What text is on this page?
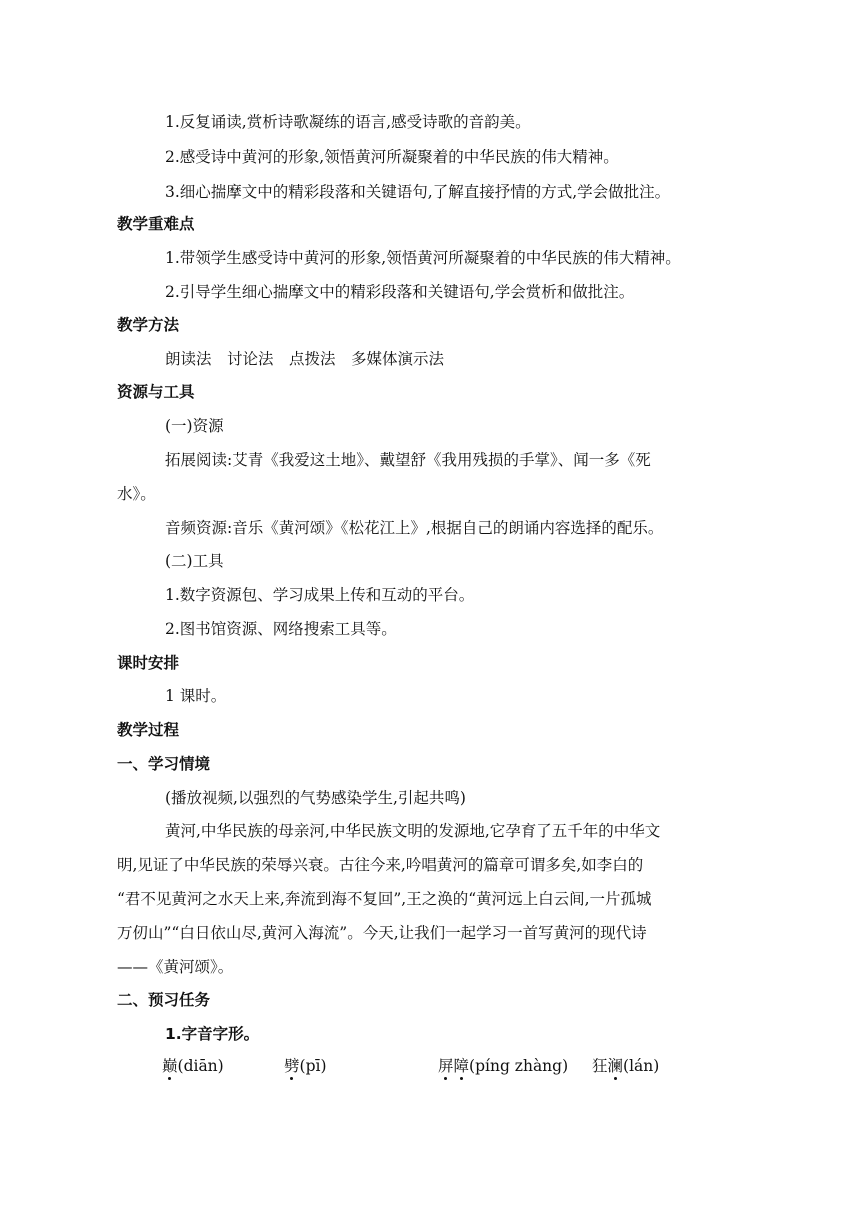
1.反复诵读,赏析诗歌凝练的语言,感受诗歌的音韵美。
2.感受诗中黄河的形象,领悟黄河所凝聚着的中华民族的伟大精神。
3.细心揣摩文中的精彩段落和关键语句,了解直接抒情的方式,学会做批注。
教学重难点
1.带领学生感受诗中黄河的形象,领悟黄河所凝聚着的中华民族的伟大精神。
2.引导学生细心揣摩文中的精彩段落和关键语句,学会赏析和做批注。
教学方法
朗读法　讨论法　点拨法　多媒体演示法
资源与工具
(一)资源
拓展阅读:艾青《我爱这土地》、戴望舒《我用残损的手掌》、闻一多《死
水》。
音频资源:音乐《黄河颂》《松花江上》,根据自己的朗诵内容选择的配乐。
(二)工具
1.数字资源包、学习成果上传和互动的平台。
2.图书馆资源、网络搜索工具等。
课时安排
1 课时。
教学过程
一、学习情境
(播放视频,以强烈的气势感染学生,引起共鸣)
黄河,中华民族的母亲河,中华民族文明的发源地,它孕育了五千年的中华文
明,见证了中华民族的荣辱兴衰。古往今来,吟唱黄河的篇章可谓多矣,如李白的
“君不见黄河之水天上来,奔流到海不复回”,王之涣的“黄河远上白云间,一片孤城
万仞山”“白日依山尽,黄河入海流”。今天,让我们一起学习一首写黄河的现代诗
——《黄河颂》。
二、预习任务
1.字音字形。
巅(diān)	劈(pī)	屏障(píng zhàng) 狂澜(lán)
